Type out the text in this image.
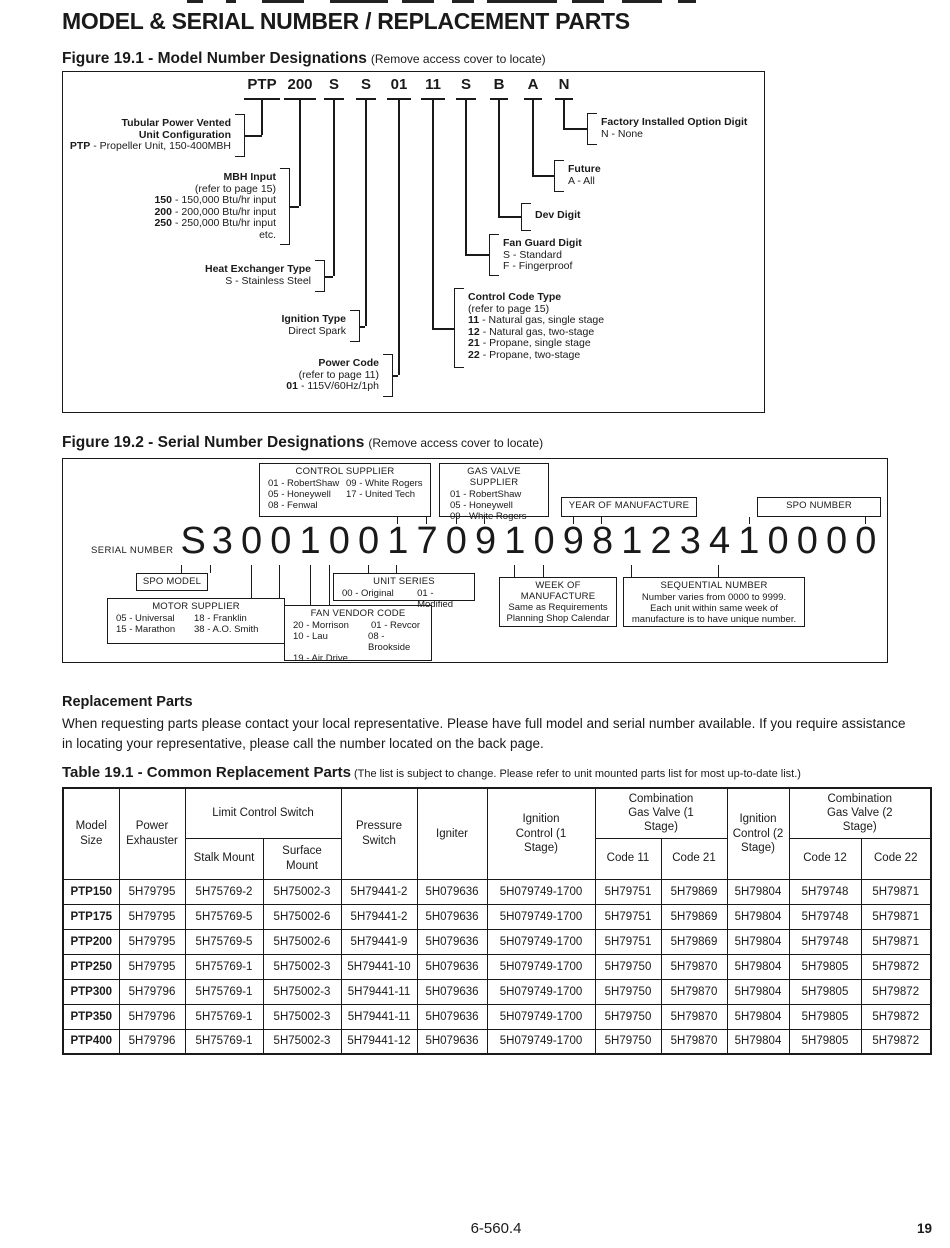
MODEL & SERIAL NUMBER / REPLACEMENT PARTS
Figure 19.1 - Model Number Designations (Remove access cover to locate)
PTP 200 S S 01 11 S B A N
Tubular Power Vented
Unit Configuration
PTP - Propeller Unit, 150-400MBH
MBH Input
(refer to page 15)
150 - 150,000 Btu/hr input
200 - 200,000 Btu/hr input
250 - 250,000 Btu/hr input
etc.
Heat Exchanger Type
S - Stainless Steel
Ignition Type
Direct Spark
Power Code
(refer to page 11)
01 - 115V/60Hz/1ph
Control Code Type
(refer to page 15)
11 - Natural gas, single stage
12 - Natural gas, two-stage
21 - Propane, single stage
22 - Propane, two-stage
Fan Guard Digit
S - Standard
F - Fingerproof
Dev Digit
Future
A - All
Factory Installed Option Digit
N - None
Figure 19.2 - Serial Number Designations (Remove access cover to locate)
SERIAL NUMBER S 3 0 0 1 0 0 1 7 0 9 1 0 9 8 1 2 3 4 1 0 0 0 0
CONTROL SUPPLIER
01 - RobertShaw 09 - White Rogers
05 - Honeywell	17 - United Tech
08 - Fenwal
GAS VALVE SUPPLIER
01 - RobertShaw
05 - Honeywell
09 - White Rogers
YEAR OF MANUFACTURE	SPO NUMBER
SPO MODEL
MOTOR SUPPLIER
05 - Universal	18 - Franklin
15 - Marathon	38 - A.O. Smith
FAN VENDOR CODE
20 - Morrison	01 - Revcor
10 - Lau	08 - Brookside
19 - Air Drive
UNIT SERIES
00 - Original	01 - Modified
WEEK OF MANUFACTURE
Same as Requirements
Planning Shop Calendar
SEQUENTIAL NUMBER
Number varies from 0000 to 9999.
Each unit within same week of
manufacture is to have unique number.
Replacement Parts
When requesting parts please contact your local representative. Please have full model and serial number available. If you require assistance in locating your representative, please call the number located on the back page.
Table 19.1 - Common Replacement Parts (The list is subject to change. Please refer to unit mounted parts list for most up-to-date list.)
Model Size	Power Exhauster	Limit Control Switch		Pressure Switch	Igniter	Ignition Control (1 Stage)	Combination Gas Valve (1 Stage)		Ignition Control (2 Stage)	Combination Gas Valve (2 Stage)	
		Stalk Mount	Surface Mount				Code 11	Code 21		Code 12	Code 22
PTP150	5H79795	5H75769-2	5H75002-3	5H79441-2	5H079636	5H079749-1700	5H79751	5H79869	5H79804	5H79748	5H79871
PTP175	5H79795	5H75769-5	5H75002-6	5H79441-2	5H079636	5H079749-1700	5H79751	5H79869	5H79804	5H79748	5H79871
PTP200	5H79795	5H75769-5	5H75002-6	5H79441-9	5H079636	5H079749-1700	5H79751	5H79869	5H79804	5H79748	5H79871
PTP250	5H79795	5H75769-1	5H75002-3	5H79441-10	5H079636	5H079749-1700	5H79750	5H79870	5H79804	5H79805	5H79872
PTP300	5H79796	5H75769-1	5H75002-3	5H79441-11	5H079636	5H079749-1700	5H79750	5H79870	5H79804	5H79805	5H79872
PTP350	5H79796	5H75769-1	5H75002-3	5H79441-11	5H079636	5H079749-1700	5H79750	5H79870	5H79804	5H79805	5H79872
PTP400	5H79796	5H75769-1	5H75002-3	5H79441-12	5H079636	5H079749-1700	5H79750	5H79870	5H79804	5H79805	5H79872
6-560.4	19
